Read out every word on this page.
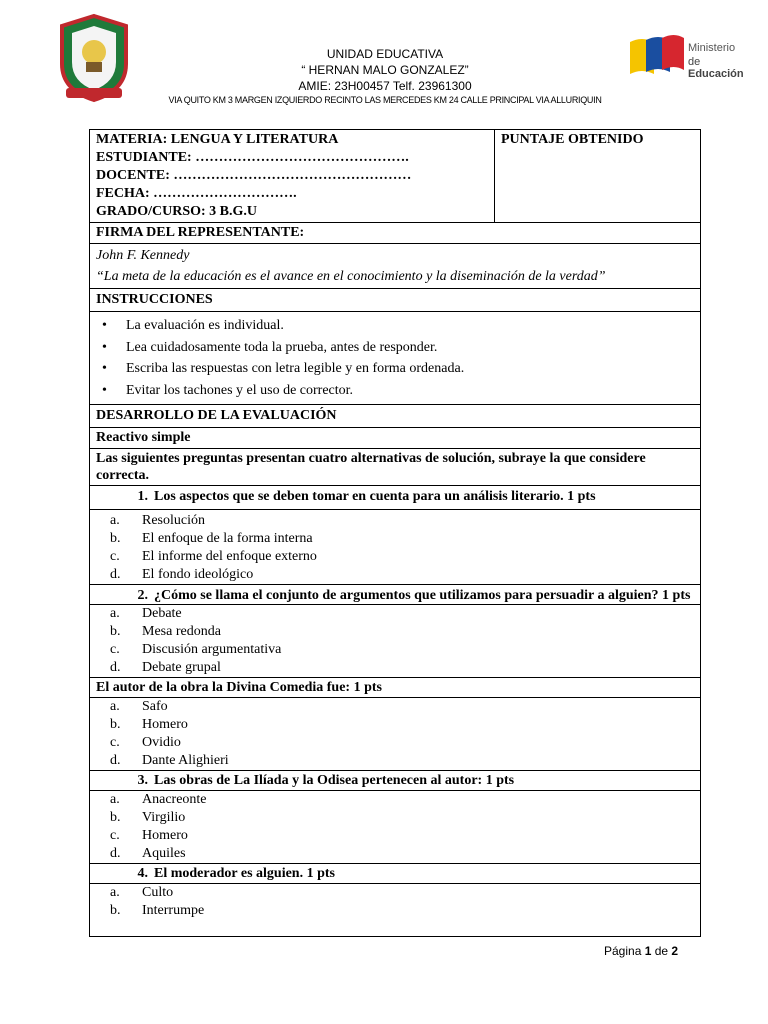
UNIDAD EDUCATIVA
“ HERNAN MALO GONZALEZ”
AMIE: 23H00457 Telf. 23961300
VIA QUITO KM 3 MARGEN IZQUIERDO RECINTO LAS MERCEDES KM 24 CALLE PRINCIPAL VIA ALLURIQUIN
Ministerio
de Educación
MATERIA: LENGUA Y LITERATURA
ESTUDIANTE: ……………………………………….
DOCENTE: ……………………………………………
FECHA: ………………………….
GRADO/CURSO: 3 B.G.U

PUNTAJE OBTENIDO

FIRMA DEL REPRESENTANTE:

John F. Kennedy
“La meta de la educación es el avance en el conocimiento y la diseminación de la verdad”

INSTRUCCIONES

• La evaluación es individual.
• Lea cuidadosamente toda la prueba, antes de responder.
• Escriba las respuestas con letra legible y en forma ordenada.
• Evitar los tachones y el uso de corrector.

DESARROLLO DE LA EVALUACIÓN
Reactivo simple
Las siguientes preguntas presentan cuatro alternativas de solución, subraye la que considere correcta.

1. Los aspectos que se deben tomar en cuenta para un análisis literario. 1 pts

a.	Resolución
b.	El enfoque de la forma interna
c.	El informe del enfoque externo
d.	El fondo ideológico

2. ¿Cómo se llama el conjunto de argumentos que utilizamos para persuadir a alguien? 1 pts

a.	Debate
b.	Mesa redonda
c.	Discusión argumentativa
d.	Debate grupal

El autor de la obra la Divina Comedia fue: 1 pts

a.	Safo
b.	Homero
c.	Ovidio
d.	Dante Alighieri

3. Las obras de La Ilíada y la Odisea pertenecen al autor: 1 pts

a.	Anacreonte
b.	Virgilio
c.	Homero
d.	Aquiles

4. El moderador es alguien. 1 pts

a.	Culto
b.	Interrumpe
Página 1 de 2
